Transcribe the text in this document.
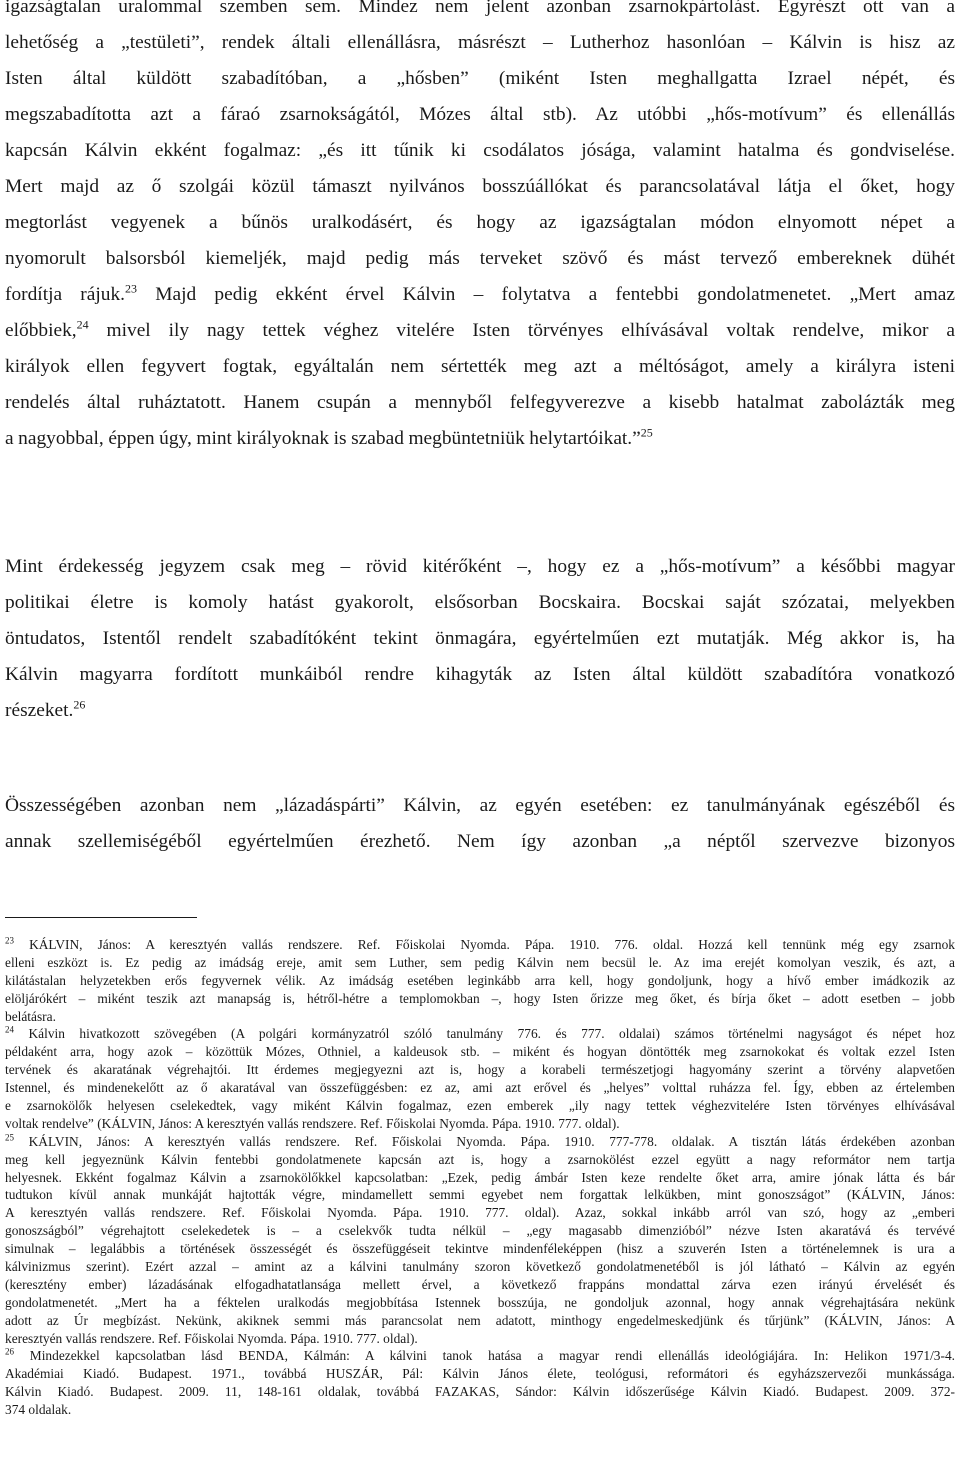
igazságtalan uralommal szemben sem. Mindez nem jelent azonban zsarnokpártolást. Egyrészt ott van a
lehetőség a „testületi”, rendek általi ellenállásra, másrészt – Lutherhoz hasonlóan – Kálvin is hisz az
Isten által küldött szabadítóban, a „hősben” (miként Isten meghallgatta Izrael népét, és
megszabadította azt a fáraó zsarnokságától, Mózes által stb). Az utóbbi „hős-motívum” és ellenállás
kapcsán Kálvin ekként fogalmaz: „és itt tűnik ki csodálatos jósága, valamint hatalma és gondviselése.
Mert majd az ő szolgái közül támaszt nyilvános bosszúállókat és parancsolatával látja el őket, hogy
megtorlást vegyenek a bűnös uralkodásért, és hogy az igazságtalan módon elnyomott népet a
nyomorult balsorsból kiemeljék, majd pedig más terveket szövő és mást tervező embereknek dühét
fordítja rájuk.$^{23}$ Majd pedig ekként érvel Kálvin – folytatva a fentebbi gondolatmenetet. „Mert amaz
előbbiek,$^{24}$ mivel ily nagy tettek véghez vitelére Isten törvényes elhívásával voltak rendelve, mikor a
királyok ellen fegyvert fogtak, egyáltalán nem sértették meg azt a méltóságot, amely a királyra isteni
rendelés által ruháztatott. Hanem csupán a mennyből felfegyverezve a kisebb hatalmat zabolázták meg
a nagyobbal, éppen úgy, mint királyoknak is szabad megbüntetniük helytartóikat.”$^{25}$
Mint érdekesség jegyzem csak meg – rövid kitérőként –, hogy ez a „hős-motívum” a későbbi magyar
politikai életre is komoly hatást gyakorolt, elsősorban Bocskaira. Bocskai saját szózatai, melyekben
öntudatos, Istentől rendelt szabadítóként tekint önmagára, egyértelműen ezt mutatják. Még akkor is, ha
Kálvin magyarra fordított munkáiból rendre kihagyták az Isten által küldött szabadítóra vonatkozó
részeket.$^{26}$
Összességében azonban nem „lázadáspárti” Kálvin, az egyén esetében: ez tanulmányának egészéből és
annak szellemiségéből egyértelműen érezhető. Nem így azonban „a néptől szervezve bizonyos
$^{23}$ KÁLVIN, János: A keresztyén vallás rendszere. Ref. Főiskolai Nyomda. Pápa. 1910. 776. oldal. Hozzá kell tennünk még egy zsarnok
elleni eszközt is. Ez pedig az imádság ereje, amit sem Luther, sem pedig Kálvin nem becsül le. Az ima erejét komolyan veszik, és azt, a
kilátástalan helyzetekben erős fegyvernek vélik. Az imádság esetében leginkább arra kell, hogy gondoljunk, hogy a hívő ember imádkozik az
elöljárókért – miként teszik azt manapság is, hétről-hétre a templomokban –, hogy Isten őrizze meg őket, és bírja őket – adott esetben – jobb
belátásra.
$^{24}$ Kálvin hivatkozott szövegében (A polgári kormányzatról szóló tanulmány 776. és 777. oldalai) számos történelmi nagyságot és népet hoz
példaként arra, hogy azok – közöttük Mózes, Othniel, a kaldeusok stb. – miként és hogyan döntötték meg zsarnokokat és voltak ezzel Isten
tervének és akaratának végrehajtói. Itt érdemes megjegyezni azt is, hogy a korabeli természetjogi hagyomány szerint a törvény alapvetően
Istennel, és mindenekelőtt az ő akaratával van összefüggésben: ez az, ami azt erővel és „helyes” volttal ruházza fel. Így, ebben az értelemben
e zsarnokölők helyesen cselekedtek, vagy miként Kálvin fogalmaz, ezen emberek „ily nagy tettek véghezvitelére Isten törvényes elhívásával
voltak rendelve” (KÁLVIN, János: A keresztyén vallás rendszere. Ref. Főiskolai Nyomda. Pápa. 1910. 777. oldal).
$^{25}$ KÁLVIN, János: A keresztyén vallás rendszere. Ref. Főiskolai Nyomda. Pápa. 1910. 777-778. oldalak. A tisztán látás érdekében azonban
meg kell jegyeznünk Kálvin fentebbi gondolatmenete kapcsán azt is, hogy a zsarnokölést ezzel együtt a nagy reformátor nem tartja
helyesnek. Ekként fogalmaz Kálvin a zsarnokölőkkel kapcsolatban: „Ezek, pedig ámbár Isten keze rendelte őket arra, amire jónak látta és bár
tudtukon kívül annak munkáját hajtották végre, mindamellett semmi egyebet nem forgattak lelkükben, mint gonoszságot” (KÁLVIN, János:
A keresztyén vallás rendszere. Ref. Főiskolai Nyomda. Pápa. 1910. 777. oldal). Azaz, sokkal inkább arról van szó, hogy az „emberi
gonoszságból” végrehajtott cselekedetek is – a cselekvők tudta nélkül – „egy magasabb dimenzióból” nézve Isten akaratává és tervévé
simulnak – legalábbis a történések összességét és összefüggéseit tekintve mindenféleképpen (hisz a szuverén Isten a történelemnek is ura a
kálvinizmus szerint). Ezért azzal – amint az a kálvini tanulmány szoron következő gondolatmenetéből is jól látható – Kálvin az egyén
(keresztény ember) lázadásának elfogadhatatlansága mellett érvel, a következő frappáns mondattal zárva ezen irányú érvelését és
gondolatmenetét. „Mert ha a féktelen uralkodás megjobbítása Istennek bosszúja, ne gondoljuk azonnal, hogy annak végrehajtására nekünk
adott az Úr megbízást. Nekünk, akiknek semmi más parancsolat nem adatott, minthogy engedelmeskedjünk és tűrjünk” (KÁLVIN, János: A
keresztyén vallás rendszere. Ref. Főiskolai Nyomda. Pápa. 1910. 777. oldal).
$^{26}$ Mindezekkel kapcsolatban lásd BENDA, Kálmán: A kálvini tanok hatása a magyar rendi ellenállás ideológiájára. In: Helikon 1971/3-4.
Akadémiai Kiadó. Budapest. 1971., továbbá HUSZÁR, Pál: Kálvin János élete, teológusi, reformátori és egyházszervezői munkássága.
Kálvin Kiadó. Budapest. 2009. 11, 148-161 oldalak, továbbá FAZAKAS, Sándor: Kálvin időszerűsége Kálvin Kiadó. Budapest. 2009. 372-
374 oldalak.
